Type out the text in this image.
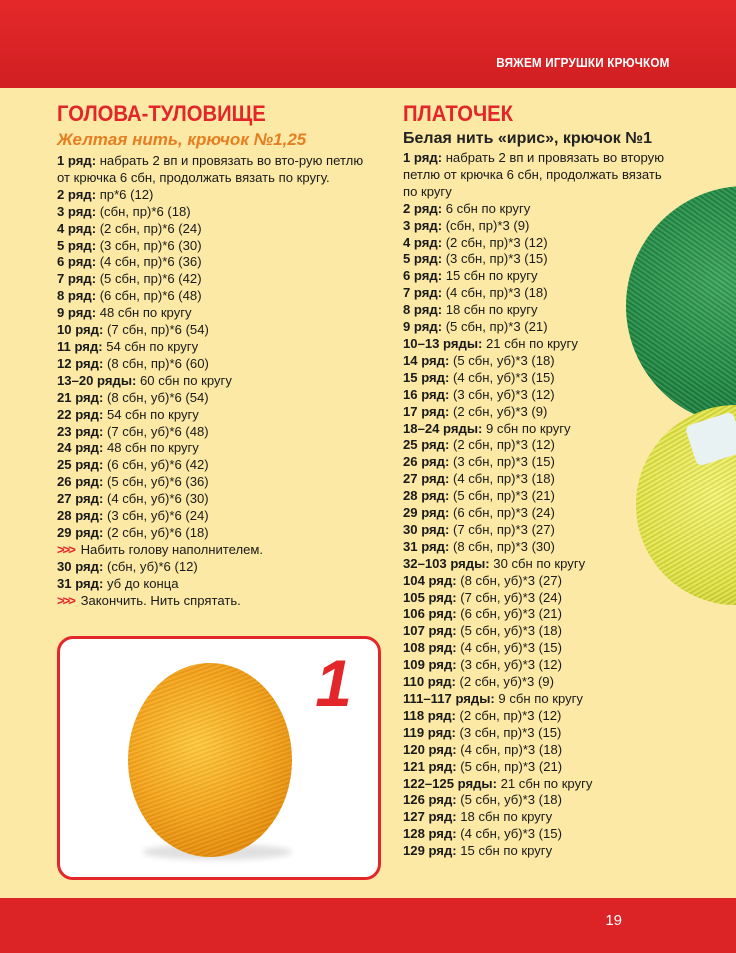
ВЯЖЕМ ИГРУШКИ КРЮЧКОМ
ГОЛОВА-ТУЛОВИЩЕ
Желтая нить, крючок №1,25
1 ряд: набрать 2 вп и провязать во вто-рую петлю от крючка 6 сбн, продолжать вязать по кругу.
2 ряд: пр*6 (12)
3 ряд: (сбн, пр)*6 (18)
4 ряд: (2 сбн, пр)*6 (24)
5 ряд: (3 сбн, пр)*6 (30)
6 ряд: (4 сбн, пр)*6 (36)
7 ряд: (5 сбн, пр)*6 (42)
8 ряд: (6 сбн, пр)*6 (48)
9 ряд: 48 сбн по кругу
10 ряд: (7 сбн, пр)*6 (54)
11 ряд: 54 сбн по кругу
12 ряд: (8 сбн, пр)*6 (60)
13–20 ряды: 60 сбн по кругу
21 ряд: (8 сбн, уб)*6 (54)
22 ряд: 54 сбн по кругу
23 ряд: (7 сбн, уб)*6 (48)
24 ряд: 48 сбн по кругу
25 ряд: (6 сбн, уб)*6 (42)
26 ряд: (5 сбн, уб)*6 (36)
27 ряд: (4 сбн, уб)*6 (30)
28 ряд: (3 сбн, уб)*6 (24)
29 ряд: (2 сбн, уб)*6 (18)
>>> Набить голову наполнителем.
30 ряд: (сбн, уб)*6 (12)
31 ряд: уб до конца
>>> Закончить. Нить спрятать.
1
ПЛАТОЧЕК
Белая нить «ирис», крючок №1
1 ряд: набрать 2 вп и провязать во вторую петлю от крючка 6 сбн, продолжать вязать по кругу
2 ряд: 6 сбн по кругу
3 ряд: (сбн, пр)*3 (9)
4 ряд: (2 сбн, пр)*3 (12)
5 ряд: (3 сбн, пр)*3 (15)
6 ряд: 15 сбн по кругу
7 ряд: (4 сбн, пр)*3 (18)
8 ряд: 18 сбн по кругу
9 ряд: (5 сбн, пр)*3 (21)
10–13 ряды: 21 сбн по кругу
14 ряд: (5 сбн, уб)*3 (18)
15 ряд: (4 сбн, уб)*3 (15)
16 ряд: (3 сбн, уб)*3 (12)
17 ряд: (2 сбн, уб)*3 (9)
18–24 ряды: 9 сбн по кругу
25 ряд: (2 сбн, пр)*3 (12)
26 ряд: (3 сбн, пр)*3 (15)
27 ряд: (4 сбн, пр)*3 (18)
28 ряд: (5 сбн, пр)*3 (21)
29 ряд: (6 сбн, пр)*3 (24)
30 ряд: (7 сбн, пр)*3 (27)
31 ряд: (8 сбн, пр)*3 (30)
32–103 ряды: 30 сбн по кругу
104 ряд: (8 сбн, уб)*3 (27)
105 ряд: (7 сбн, уб)*3 (24)
106 ряд: (6 сбн, уб)*3 (21)
107 ряд: (5 сбн, уб)*3 (18)
108 ряд: (4 сбн, уб)*3 (15)
109 ряд: (3 сбн, уб)*3 (12)
110 ряд: (2 сбн, уб)*3 (9)
111–117 ряды: 9 сбн по кругу
118 ряд: (2 сбн, пр)*3 (12)
119 ряд: (3 сбн, пр)*3 (15)
120 ряд: (4 сбн, пр)*3 (18)
121 ряд: (5 сбн, пр)*3 (21)
122–125 ряды: 21 сбн по кругу
126 ряд: (5 сбн, уб)*3 (18)
127 ряд: 18 сбн по кругу
128 ряд: (4 сбн, уб)*3 (15)
129 ряд: 15 сбн по кругу
19
